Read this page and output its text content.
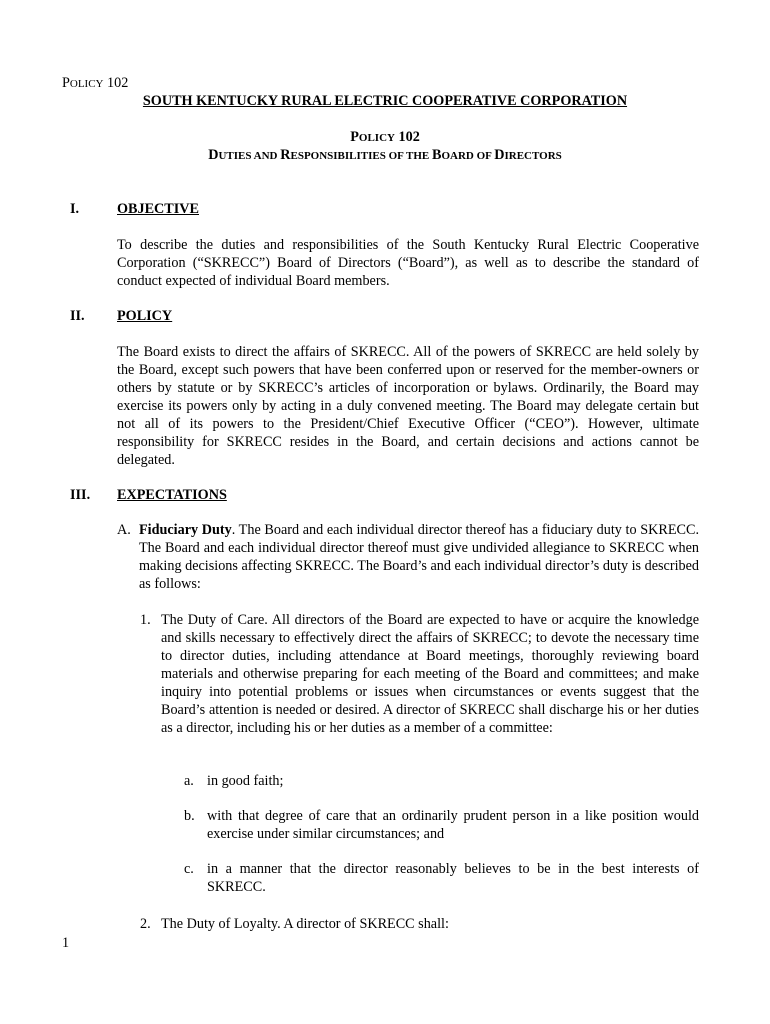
POLICY 102
SOUTH KENTUCKY RURAL ELECTRIC COOPERATIVE CORPORATION
POLICY 102
DUTIES AND RESPONSIBILITIES OF THE BOARD OF DIRECTORS
I.	OBJECTIVE
To describe the duties and responsibilities of the South Kentucky Rural Electric Cooperative Corporation (“SKRECC”) Board of Directors (“Board”), as well as to describe the standard of conduct expected of individual Board members.
II. POLICY
The Board exists to direct the affairs of SKRECC. All of the powers of SKRECC are held solely by the Board, except such powers that have been conferred upon or reserved for the member-owners or others by statute or by SKRECC’s articles of incorporation or bylaws. Ordinarily, the Board may exercise its powers only by acting in a duly convened meeting. The Board may delegate certain but not all of its powers to the President/Chief Executive Officer (“CEO”). However, ultimate responsibility for SKRECC resides in the Board, and certain decisions and actions cannot be delegated.
III. EXPECTATIONS
A. Fiduciary Duty. The Board and each individual director thereof has a fiduciary duty to SKRECC. The Board and each individual director thereof must give undivided allegiance to SKRECC when making decisions affecting SKRECC. The Board’s and each individual director’s duty is described as follows:
1. The Duty of Care. All directors of the Board are expected to have or acquire the knowledge and skills necessary to effectively direct the affairs of SKRECC; to devote the necessary time to director duties, including attendance at Board meetings, thoroughly reviewing board materials and otherwise preparing for each meeting of the Board and committees; and make inquiry into potential problems or issues when circumstances or events suggest that the Board’s attention is needed or desired. A director of SKRECC shall discharge his or her duties as a director, including his or her duties as a member of a committee:
a. in good faith;
b. with that degree of care that an ordinarily prudent person in a like position would exercise under similar circumstances; and
c. in a manner that the director reasonably believes to be in the best interests of SKRECC.
2. The Duty of Loyalty. A director of SKRECC shall:
1
